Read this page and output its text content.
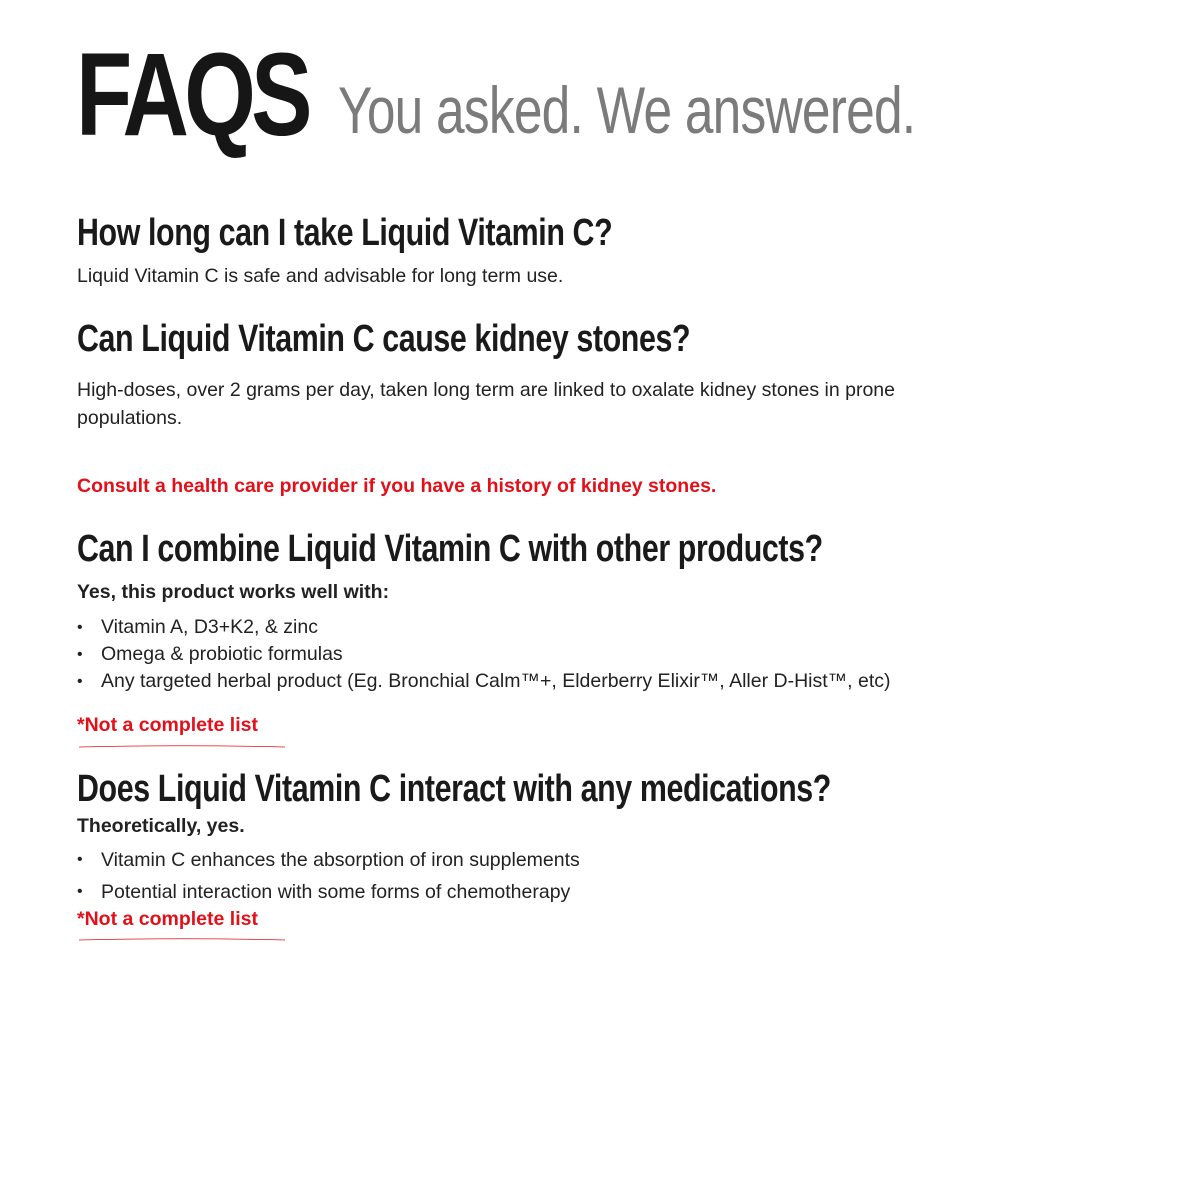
FAQS You asked. We answered.
How long can I take Liquid Vitamin C?
Liquid Vitamin C is safe and advisable for long term use.
Can Liquid Vitamin C cause kidney stones?
High-doses, over 2 grams per day, taken long term are linked to oxalate kidney stones in prone
populations.
Consult a health care provider if you have a history of kidney stones.
Can I combine Liquid Vitamin C with other products?
Yes, this product works well with:
• Vitamin A, D3+K2, & zinc
• Omega & probiotic formulas
• Any targeted herbal product (Eg. Bronchial Calm™+, Elderberry Elixir™, Aller D-Hist™, etc)
*Not a complete list
Does Liquid Vitamin C interact with any medications?
Theoretically, yes.
• Vitamin C enhances the absorption of iron supplements
• Potential interaction with some forms of chemotherapy
*Not a complete list
